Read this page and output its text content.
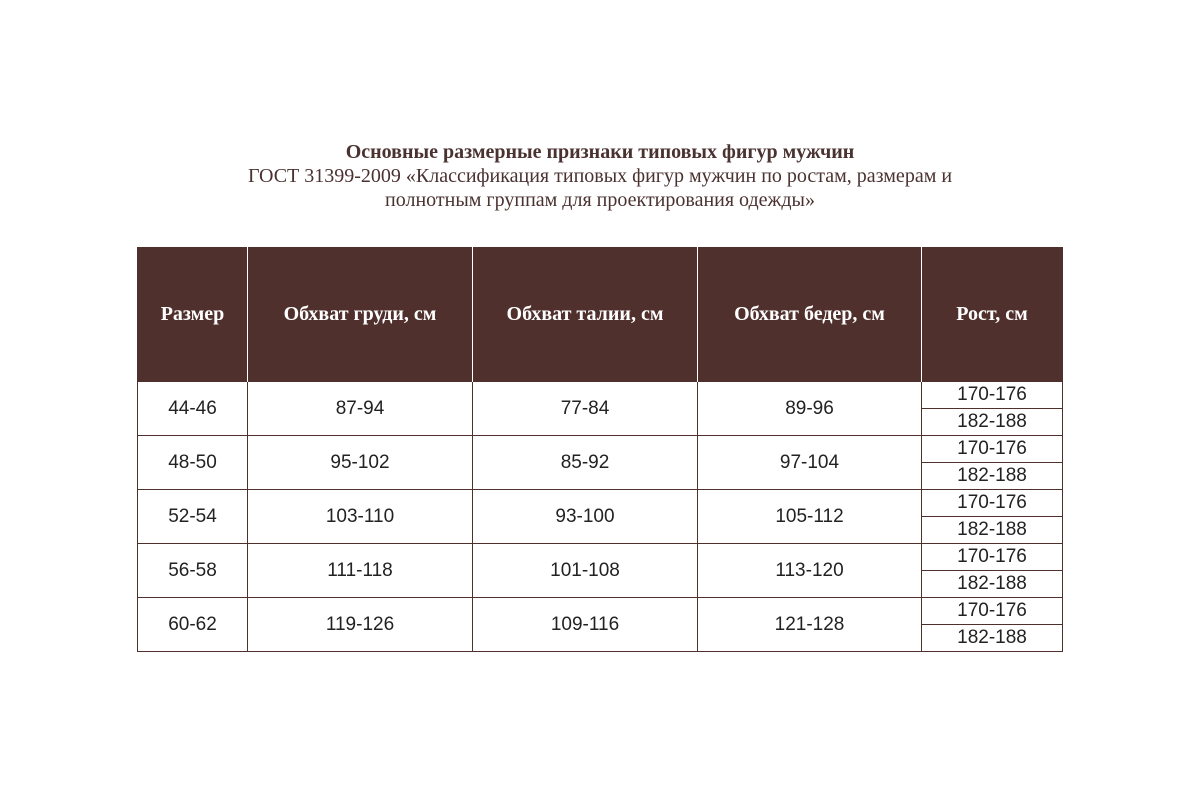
Основные размерные признаки типовых фигур мужчин
ГОСТ 31399-2009 «Классификация типовых фигур мужчин по ростам, размерам и
полнотным группам для проектирования одежды»
Размер	Обхват груди, см	Обхват талии, см	Обхват бедер, см	Рост, см
44-46	87-94	77-84	89-96	170-176
				182-188
48-50	95-102	85-92	97-104	170-176
				182-188
52-54	103-110	93-100	105-112	170-176
				182-188
56-58	111-118	101-108	113-120	170-176
				182-188
60-62	119-126	109-116	121-128	170-176
				182-188
